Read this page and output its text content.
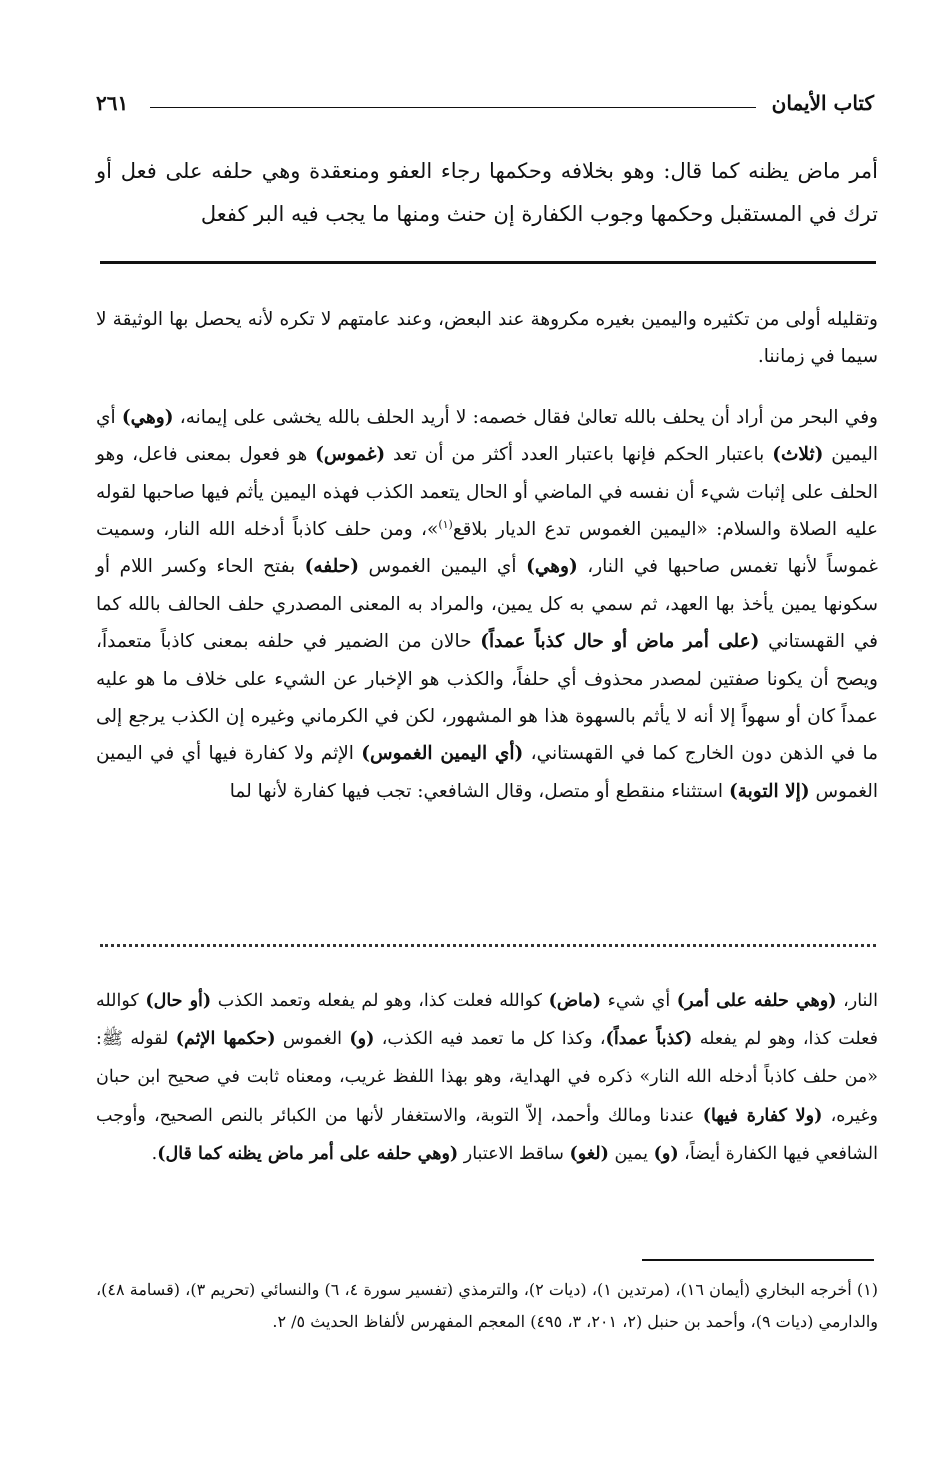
كتاب الأيمان
٢٦١

أمر ماض يظنه كما قال: وهو بخلافه وحكمها رجاء العفو ومنعقدة وهي حلفه على فعل أو ترك في المستقبل وحكمها وجوب الكفارة إن حنث ومنها ما يجب فيه البر كفعل

وتقليله أولى من تكثيره واليمين بغيره مكروهة عند البعض، وعند عامتهم لا تكره لأنه يحصل بها الوثيقة لا سيما في زماننا.

وفي البحر من أراد أن يحلف بالله تعالىٰ فقال خصمه: لا أريد الحلف بالله يخشى على إيمانه، (وهي) أي اليمين (ثلاث) باعتبار الحكم فإنها باعتبار العدد أكثر من أن تعد (غموس) هو فعول بمعنى فاعل، وهو الحلف على إثبات شيء أن نفسه في الماضي أو الحال يتعمد الكذب فهذه اليمين يأثم فيها صاحبها لقوله عليه الصلاة والسلام: «اليمين الغموس تدع الديار بلاقع$^{(١)}$»، ومن حلف كاذباً أدخله الله النار، وسميت غموساً لأنها تغمس صاحبها في النار، (وهي) أي اليمين الغموس (حلفه) بفتح الحاء وكسر اللام أو سكونها يمين يأخذ بها العهد، ثم سمي به كل يمين، والمراد به المعنى المصدري حلف الحالف بالله كما في القهستاني (على أمر ماض أو حال كذباً عمداً) حالان من الضمير في حلفه بمعنى كاذباً متعمداً، ويصح أن يكونا صفتين لمصدر محذوف أي حلفاً، والكذب هو الإخبار عن الشيء على خلاف ما هو عليه عمداً كان أو سهواً إلا أنه لا يأثم بالسهوة هذا هو المشهور، لكن في الكرماني وغيره إن الكذب يرجع إلى ما في الذهن دون الخارج كما في القهستاني، (أي اليمين الغموس) الإثم ولا كفارة فيها أي في اليمين الغموس (إلا التوبة) استثناء منقطع أو متصل، وقال الشافعي: تجب فيها كفارة لأنها لما

النار، (وهي حلفه على أمر) أي شيء (ماض) كوالله فعلت كذا، وهو لم يفعله وتعمد الكذب (أو حال) كوالله فعلت كذا، وهو لم يفعله (كذباً عمداً)، وكذا كل ما تعمد فيه الكذب، (و) الغموس (حكمها الإثم) لقوله ﷺ: «من حلف كاذباً أدخله الله النار» ذكره في الهداية، وهو بهذا اللفظ غريب، ومعناه ثابت في صحيح ابن حبان وغيره، (ولا كفارة فيها) عندنا ومالك وأحمد، إلاّ التوبة، والاستغفار لأنها من الكبائر بالنص الصحيح، وأوجب الشافعي فيها الكفارة أيضاً، (و) يمين (لغو) ساقط الاعتبار (وهي حلفه على أمر ماض يظنه كما قال).

(١) أخرجه البخاري (أيمان ١٦)، (مرتدين ١)، (ديات ٢)، والترمذي (تفسير سورة ٤، ٦) والنسائي (تحريم ٣)، (قسامة ٤٨)، والدارمي (ديات ٩)، وأحمد بن حنبل (٢، ٢٠١، ٣، ٤٩٥) المعجم المفهرس لألفاظ الحديث ٥/ ٢.
